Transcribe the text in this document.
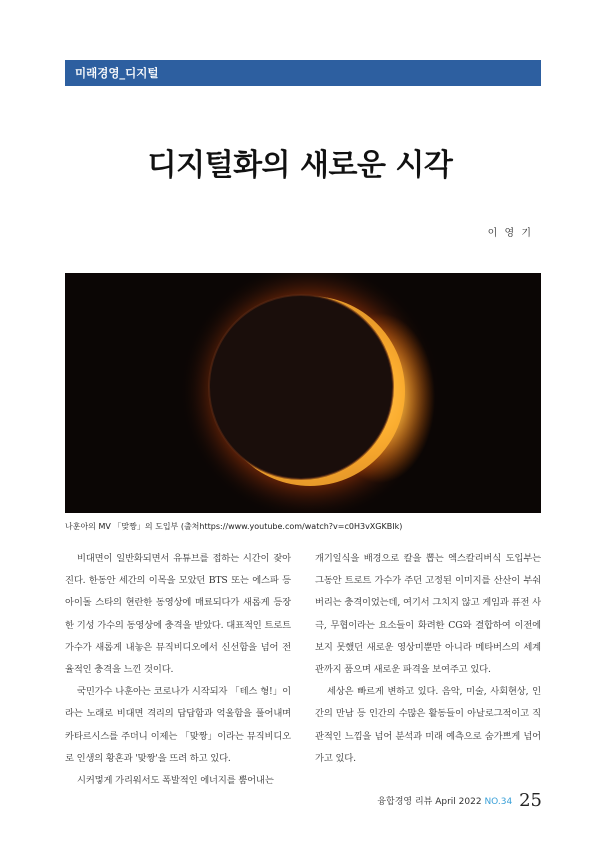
미래경영_디지털
디지털화의 새로운 시각
이 영 기
나훈아의 MV 「맞짱」의 도입부 (출처https://www.youtube.com/watch?v=c0H3vXGKBIk)

비대면이 일반화되면서 유튜브를 접하는 시간이 잦아진다. 한동안 세간의 이목을 모았던 BTS 또는 에스파 등 아이돌 스타의 현란한 동영상에 매료되다가 새롭게 등장한 기성 가수의 동영상에 충격을 받았다. 대표적인 트로트 가수가 새롭게 내놓은 뮤직비디오에서 신선함을 넘어 전율적인 충격을 느낀 것이다.

국민가수 나훈아는 코로나가 시작되자 「테스 형!」이라는 노래로 비대면 격리의 답답함과 억울함을 풀어내며 카타르시스를 주더니 이제는 「맞짱」이라는 뮤직비디오로 인생의 황혼과 '맞짱'을 뜨려 하고 있다.

시커멓게 가리워서도 폭발적인 에너지를 뿜어내는

개기일식을 배경으로 칼을 뽑는 엑스칼리버식 도입부는 그동안 트로트 가수가 주던 고정된 이미지를 산산이 부숴버리는 충격이었는데, 여기서 그치지 않고 게임과 퓨전 사극, 무협이라는 요소들이 화려한 CG와 결합하여 이전에 보지 못했던 새로운 영상미뿐만 아니라 메타버스의 세계관까지 품으며 새로운 파격을 보여주고 있다.

세상은 빠르게 변하고 있다. 음악, 미술, 사회현상, 인간의 만남 등 인간의 수많은 활동들이 아날로그적이고 직관적인 느낌을 넘어 분석과 미래 예측으로 숨가쁘게 넘어가고 있다.

융합경영 리뷰 April 2022 NO.34 25
